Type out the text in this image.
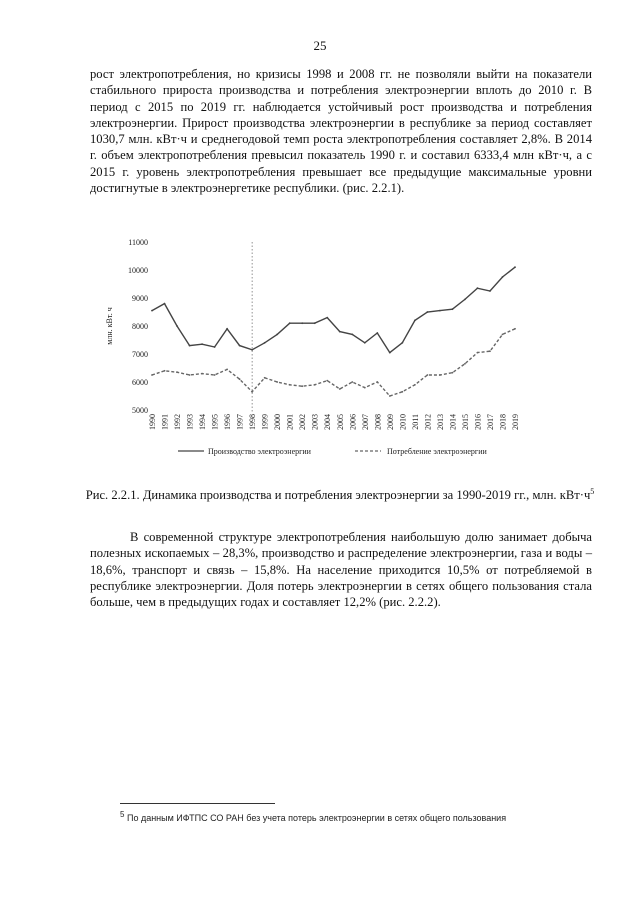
25

рост электропотребления, но кризисы 1998 и 2008 гг. не позволяли выйти на показатели стабильного прироста производства и потребления электроэнергии вплоть до 2010 г. В период с 2015 по 2019 гг. наблюдается устойчивый рост производства и потребления электроэнергии. Прирост производства электроэнергии в республике за период составляет 1030,7 млн. кВт·ч и среднегодовой темп роста электропотребления составляет 2,8%. В 2014 г. объем электропотребления превысил показатель 1990 г. и составил 6333,4 млн кВт·ч, а с 2015 г. уровень электропотребления превышает все предыдущие максимальные уровни достигнутые в электроэнергетике республики. (рис. 2.2.1).

5000
6000
7000
8000
9000
10000
11000
млн. кВт. ч
1990 1991 1992 1993 1994 1995 1996 1997 1998 1999 2000 2001 2002 2003 2004 2005 2006 2007 2008 2009 2010 2011 2012 2013 2014 2015 2016 2017 2018 2019
Производство электроэнергии	Потребление электроэнергии

Рис. 2.2.1. Динамика производства и потребления электроэнергии за 1990-2019 гг., млн. $кВт\cdot ч^5$

В современной структуре электропотребления наибольшую долю занимает добыча полезных ископаемых – 28,3%, производство и распределение электроэнергии, газа и воды – 18,6%, транспорт и связь – 15,8%. На население приходится 10,5% от потребляемой в республике электроэнергии. Доля потерь электроэнергии в сетях общего пользования стала больше, чем в предыдущих годах и составляет 12,2% (рис. 2.2.2).

$^5$ По данным ИФТПС СО РАН без учета потерь электроэнергии в сетях общего пользования
